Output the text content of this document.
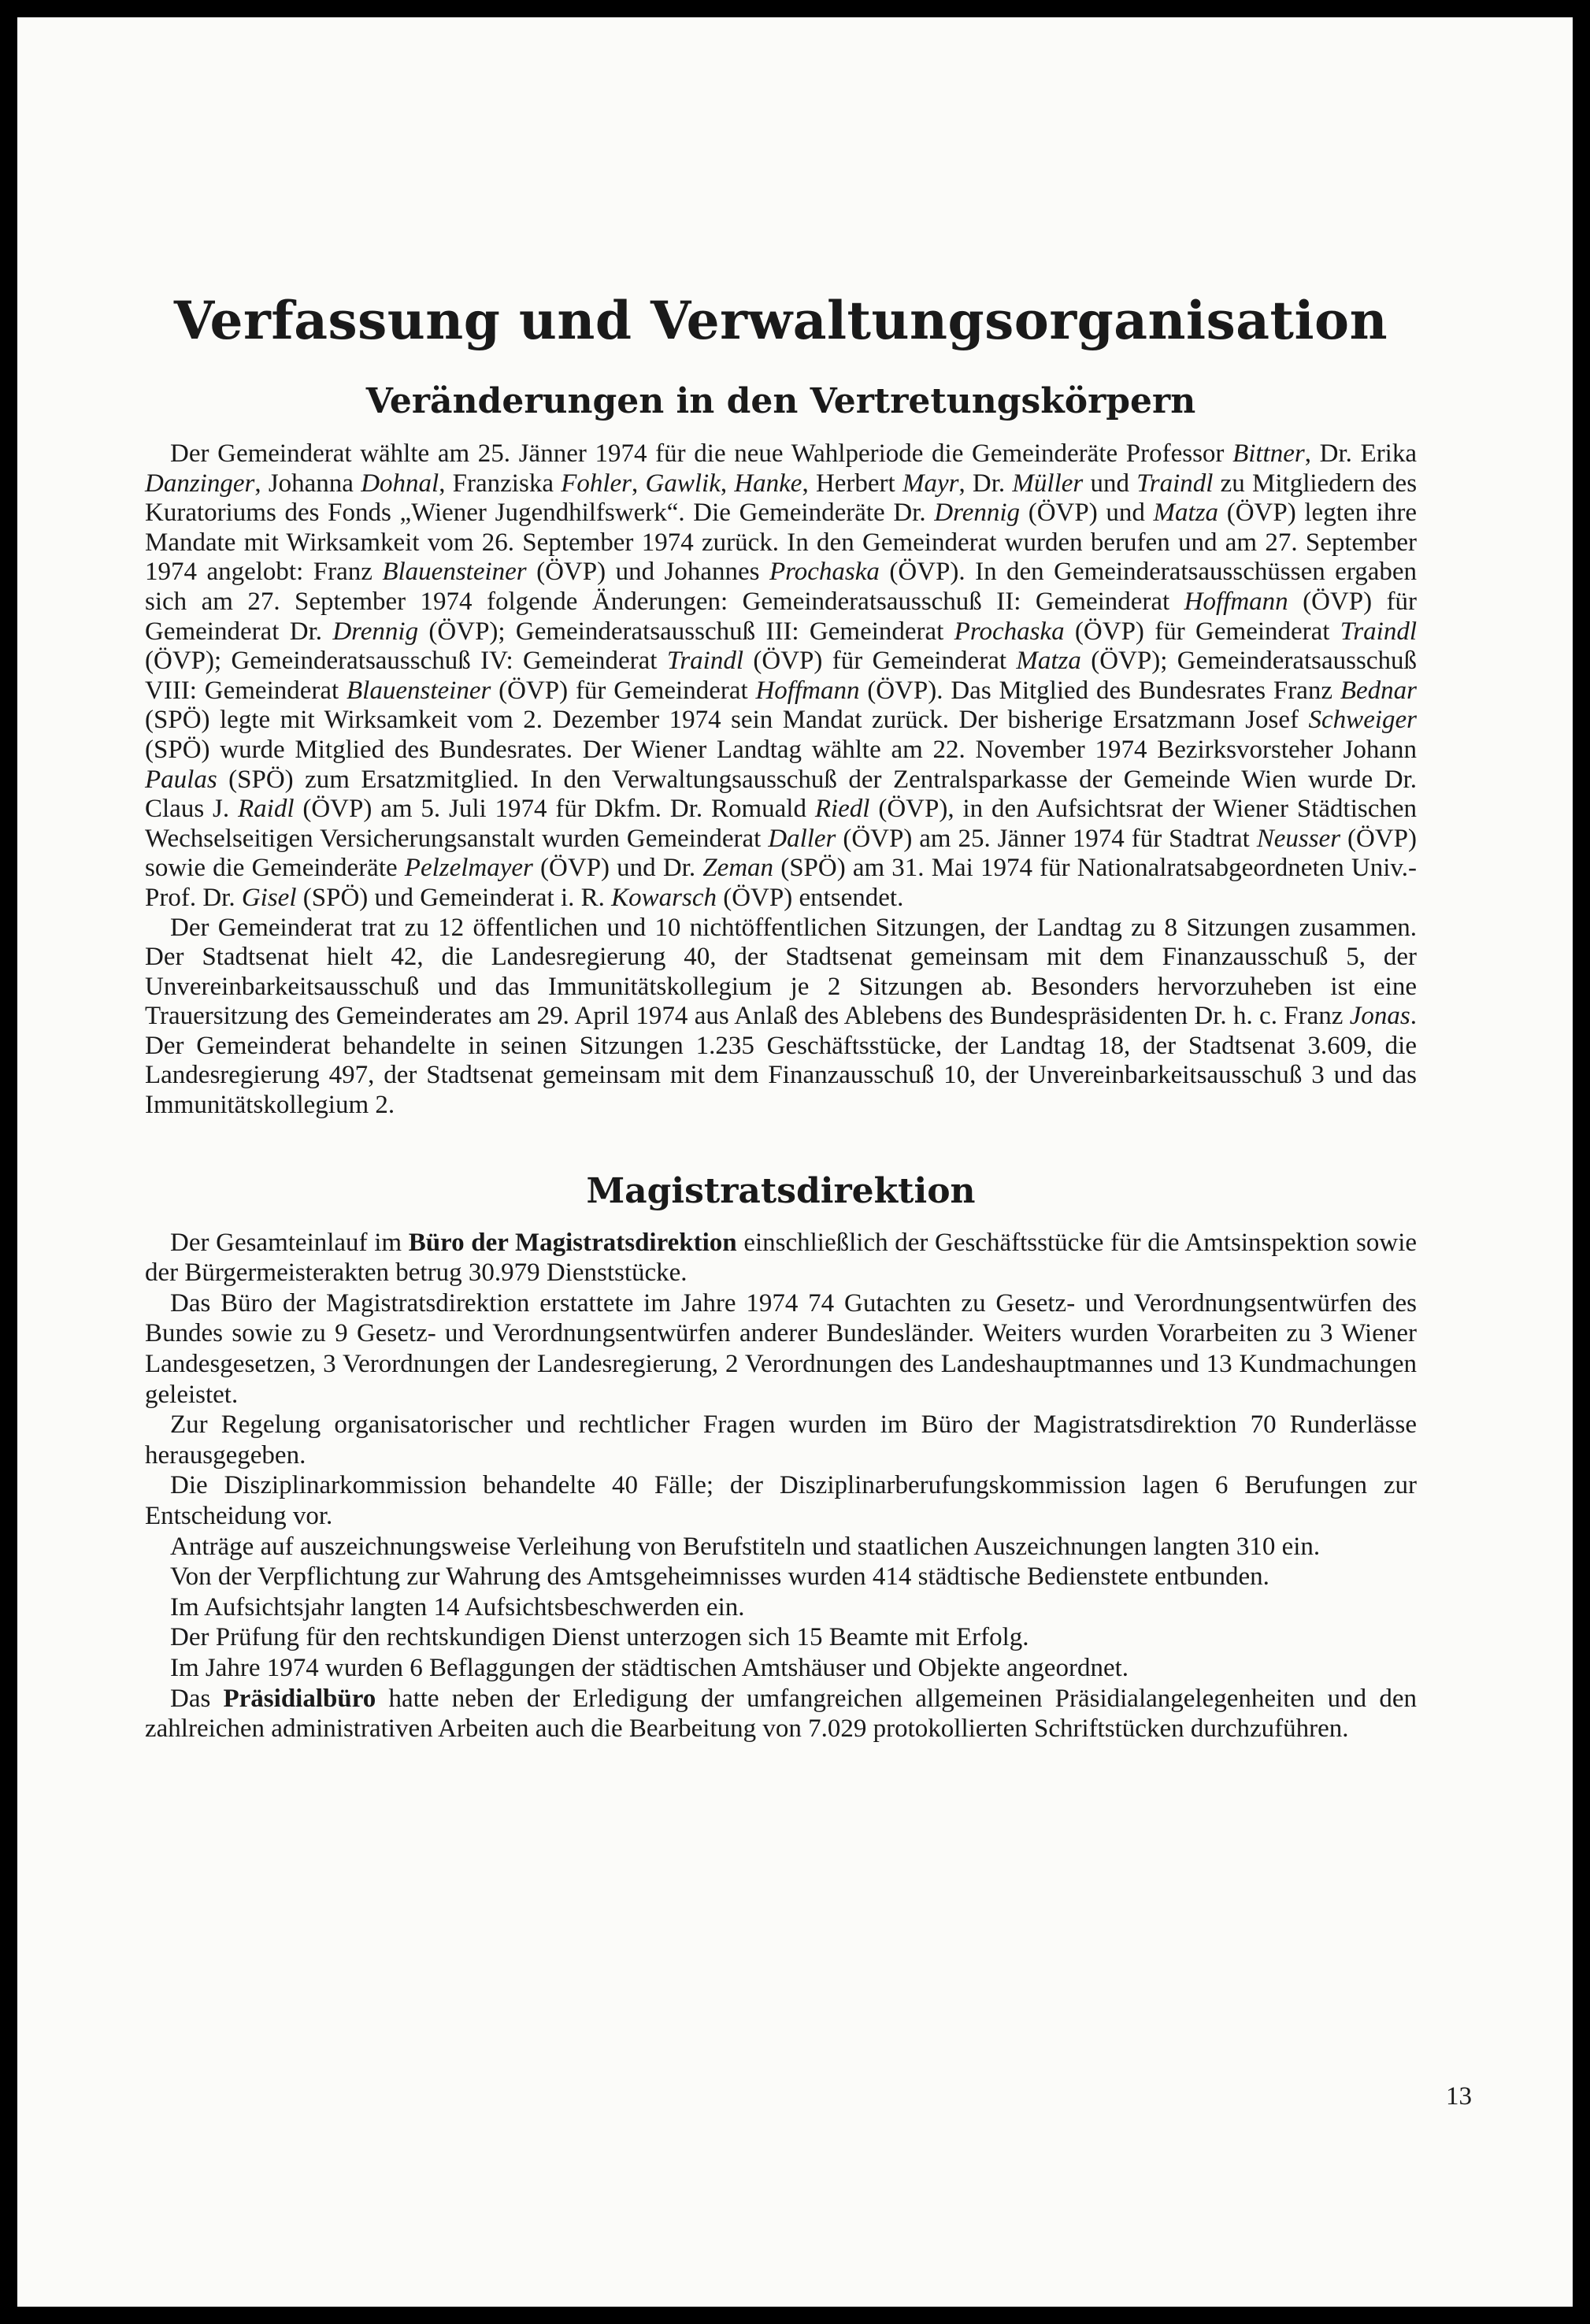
Verfassung und Verwaltungsorganisation
Veränderungen in den Vertretungskörpern

Der Gemeinderat wählte am 25. Jänner 1974 für die neue Wahlperiode die Gemeinderäte Professor Bittner, Dr. Erika Danzinger, Johanna Dohnal, Franziska Fohler, Gawlik, Hanke, Herbert Mayr, Dr. Müller und Traindl zu Mitgliedern des Kuratoriums des Fonds „Wiener Jugendhilfswerk“. Die Gemeinderäte Dr. Drennig (ÖVP) und Matza (ÖVP) legten ihre Mandate mit Wirksamkeit vom 26. September 1974 zurück. In den Gemeinderat wurden berufen und am 27. September 1974 angelobt: Franz Blauensteiner (ÖVP) und Johannes Prochaska (ÖVP). In den Gemeinderatsausschüssen ergaben sich am 27. September 1974 folgende Änderungen: Gemeinderatsausschuß II: Gemeinderat Hoffmann (ÖVP) für Gemeinderat Dr. Drennig (ÖVP); Gemeinderatsausschuß III: Gemeinderat Prochaska (ÖVP) für Gemeinderat Traindl (ÖVP); Gemeinderatsausschuß IV: Gemeinderat Traindl (ÖVP) für Gemeinderat Matza (ÖVP); Gemeinderatsausschuß VIII: Gemeinderat Blauensteiner (ÖVP) für Gemeinderat Hoffmann (ÖVP). Das Mitglied des Bundesrates Franz Bednar (SPÖ) legte mit Wirksamkeit vom 2. Dezember 1974 sein Mandat zurück. Der bisherige Ersatzmann Josef Schweiger (SPÖ) wurde Mitglied des Bundesrates. Der Wiener Landtag wählte am 22. November 1974 Bezirksvorsteher Johann Paulas (SPÖ) zum Ersatzmitglied. In den Verwaltungsausschuß der Zentralsparkasse der Gemeinde Wien wurde Dr. Claus J. Raidl (ÖVP) am 5. Juli 1974 für Dkfm. Dr. Romuald Riedl (ÖVP), in den Aufsichtsrat der Wiener Städtischen Wechselseitigen Versicherungsanstalt wurden Gemeinderat Daller (ÖVP) am 25. Jänner 1974 für Stadtrat Neusser (ÖVP) sowie die Gemeinderäte Pelzelmayer (ÖVP) und Dr. Zeman (SPÖ) am 31. Mai 1974 für Nationalratsabgeordneten Univ.-Prof. Dr. Gisel (SPÖ) und Gemeinderat i. R. Kowarsch (ÖVP) entsendet.

Der Gemeinderat trat zu 12 öffentlichen und 10 nichtöffentlichen Sitzungen, der Landtag zu 8 Sitzungen zusammen. Der Stadtsenat hielt 42, die Landesregierung 40, der Stadtsenat gemeinsam mit dem Finanzausschuß 5, der Unvereinbarkeitsausschuß und das Immunitätskollegium je 2 Sitzungen ab. Besonders hervorzuheben ist eine Trauersitzung des Gemeinderates am 29. April 1974 aus Anlaß des Ablebens des Bundespräsidenten Dr. h. c. Franz Jonas. Der Gemeinderat behandelte in seinen Sitzungen 1.235 Geschäftsstücke, der Landtag 18, der Stadtsenat 3.609, die Landesregierung 497, der Stadtsenat gemeinsam mit dem Finanzausschuß 10, der Unvereinbarkeitsausschuß 3 und das Immunitätskollegium 2.

Magistratsdirektion

Der Gesamteinlauf im Büro der Magistratsdirektion einschließlich der Geschäftsstücke für die Amtsinspektion sowie der Bürgermeisterakten betrug 30.979 Dienststücke.

Das Büro der Magistratsdirektion erstattete im Jahre 1974 74 Gutachten zu Gesetz- und Verordnungsentwürfen des Bundes sowie zu 9 Gesetz- und Verordnungsentwürfen anderer Bundesländer. Weiters wurden Vorarbeiten zu 3 Wiener Landesgesetzen, 3 Verordnungen der Landesregierung, 2 Verordnungen des Landeshauptmannes und 13 Kundmachungen geleistet.

Zur Regelung organisatorischer und rechtlicher Fragen wurden im Büro der Magistratsdirektion 70 Runderlässe herausgegeben.

Die Disziplinarkommission behandelte 40 Fälle; der Disziplinarberufungskommission lagen 6 Berufungen zur Entscheidung vor.

Anträge auf auszeichnungsweise Verleihung von Berufstiteln und staatlichen Auszeichnungen langten 310 ein.

Von der Verpflichtung zur Wahrung des Amtsgeheimnisses wurden 414 städtische Bedienstete entbunden.

Im Aufsichtsjahr langten 14 Aufsichtsbeschwerden ein.

Der Prüfung für den rechtskundigen Dienst unterzogen sich 15 Beamte mit Erfolg.

Im Jahre 1974 wurden 6 Beflaggungen der städtischen Amtshäuser und Objekte angeordnet.

Das Präsidialbüro hatte neben der Erledigung der umfangreichen allgemeinen Präsidialangelegenheiten und den zahlreichen administrativen Arbeiten auch die Bearbeitung von 7.029 protokollierten Schriftstücken durchzuführen.

13
